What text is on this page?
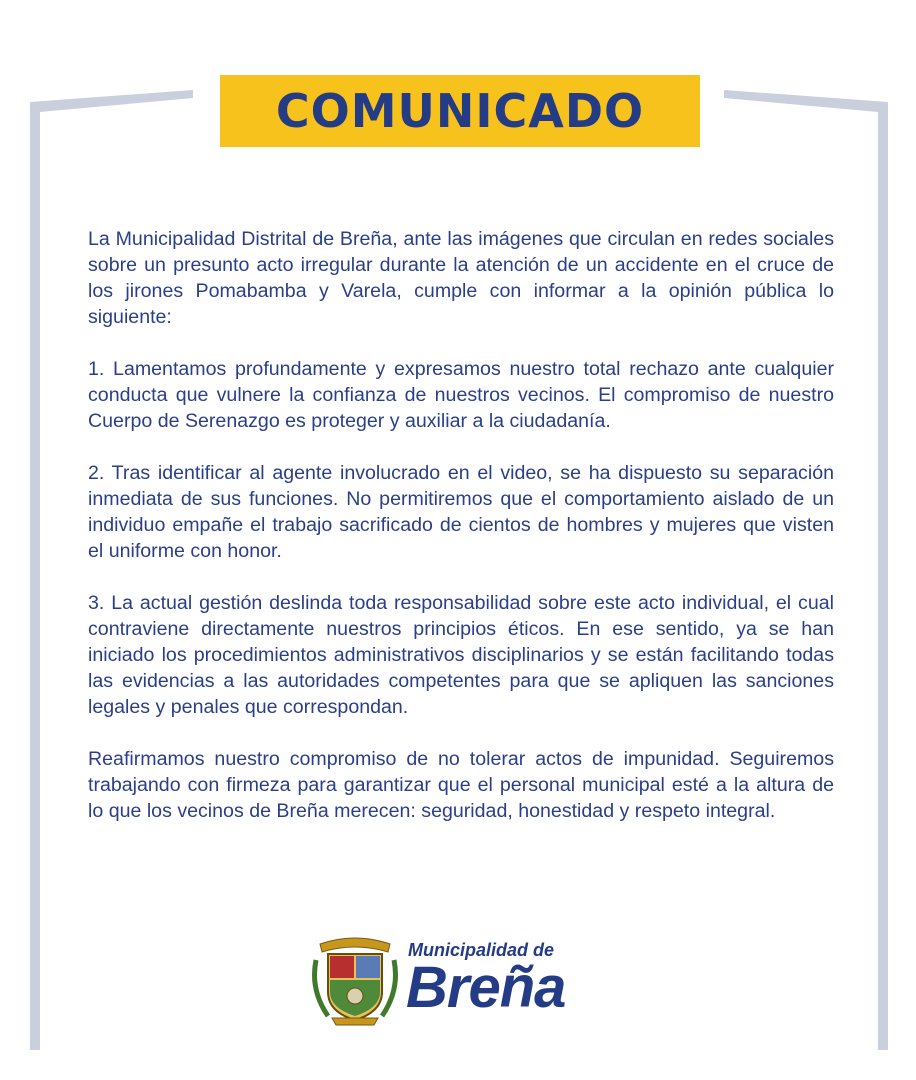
COMUNICADO

La Municipalidad Distrital de Breña, ante las imágenes que circulan en redes sociales sobre un presunto acto irregular durante la atención de un accidente en el cruce de los jirones Pomabamba y Varela, cumple con informar a la opinión pública lo siguiente:

1. Lamentamos profundamente y expresamos nuestro total rechazo ante cualquier conducta que vulnere la confianza de nuestros vecinos. El compromiso de nuestro Cuerpo de Serenazgo es proteger y auxiliar a la ciudadanía.

2. Tras identificar al agente involucrado en el video, se ha dispuesto su separación inmediata de sus funciones. No permitiremos que el comportamiento aislado de un individuo empañe el trabajo sacrificado de cientos de hombres y mujeres que visten el uniforme con honor.

3. La actual gestión deslinda toda responsabilidad sobre este acto individual, el cual contraviene directamente nuestros principios éticos. En ese sentido, ya se han iniciado los procedimientos administrativos disciplinarios y se están facilitando todas las evidencias a las autoridades competentes para que se apliquen las sanciones legales y penales que correspondan.

Reafirmamos nuestro compromiso de no tolerar actos de impunidad. Seguiremos trabajando con firmeza para garantizar que el personal municipal esté a la altura de lo que los vecinos de Breña merecen: seguridad, honestidad y respeto integral.

Municipalidad de
Breña
